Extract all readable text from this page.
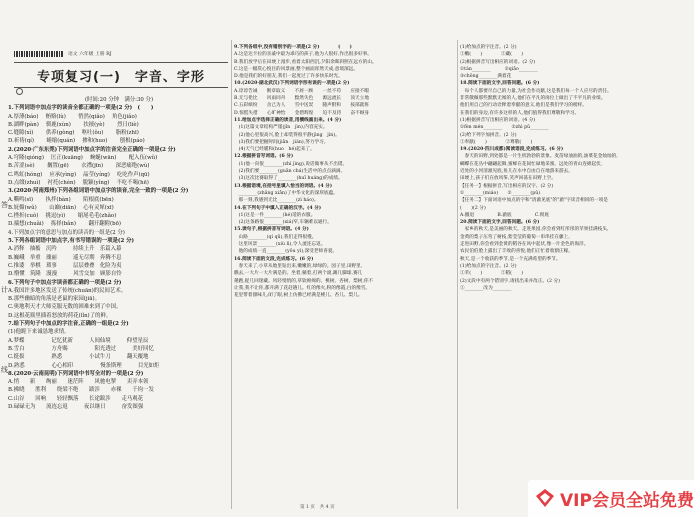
语文 六年级 上册 RJ
专项复习(一)　字音、字形
答
计
线
(时间:20 分钟　满分:30 分)
1.下列词语中加点字的读音全都正确的一项是(2 分)　(　　)
A.厚薄(báo)　 贿赂(lù)　　 悄然(qiǎo)　 角色(jiǎo)
B.湖畔(pàn)　 驯鹿(xùn)　　 扶掖(yè)　　 烈日(liè)
C.缝隙(xì)　　 供养(gòng)　 呕吐(ǒu)　　 脂粉(zhī)
D.祈祷(qí)　　 蜷缩(quán)　 掺和(huo)　　 刨根(páo)
2.(2020·广东东莞)下列词语中加点字的注音完全正确的一项是(2 分)
A.穹隆(qióng)　 匡正(kuāng)　 蜿蜒(wān)　　 配入伍(wǔ)
B.苦涩(sè)　　 搁置(gē)　　 衣襟(jīn)　　 深恶痛绝(wù)
C.鸣虹(hóng)　 应承(yìng)　 晶莹(yíng)　 吃吃作声(qū)
D.点缀(zhuì)　 衬托(chèn)　 脱颖(yǐng)　 不吃不喝(hē)
3.(2020·河南郑州)下列各组词语中加点字的读音,完全一致的一项是(2 分)
A.嘶鸣(sī)　　 执拌(bàn)　　 陌根底(bēn)
B.妩媚(wǔ)　　 山巅(diān)　 心有灵犀(xī)
C.挫折(cuò)　 挑逗(yì)　　 缩尾毛毛(zhǎo)
D.揣想(chuǎi)　 拣择(bǎn)　　 翻开翻附(bō)
4.下列加点字的意思与加点的读音的一组是(2 分)
5.下列各组词语中加点字,有书写错误的一项是(2 分)
A.消释　抽搐　沉吟　　　持续上升　乐篇入幕
B.巍峨　举重　瑰丽　　　遥无尽期　奔腾不息
C.推诿　举棋　琐事　　　层层叠叠　化险为夷
D.懵懂　筑隆　漫漫　　　风雪交加　顾影自怜
6.下列句子中加点字读音都正确的一项是(2 分)
A.我国许多地区发送了传统(chuān)的民间艺术。
B.那些幽暗的角落是老鼠的家园(jiā)。
C.奥地利天才大师克服无数的困难来到了中国。
D.这根花瓶里插着怒放的荷花(lǐn)了的鲜。
7.给下列句子中加点的字注音,正确的一组是(2 分)
(1)他跪下来诚恳地求情。
A.梦蝶　　　　　记忆犹新　　　人间仙境　　　仰望星辰
B.雪白　　　　　方舟赐　　　　　阳光透过　　　美好回忆
C.挺拔　　　　　熟悉　　　　　小试牛刀　　　翻天覆地
D.熟悉　　　　　心心相印　　　　　慢条斯理　　　目光如炬
8.(2020·云南昆明)下列词语中书写全对的一项是(2 分)
A.悄　　新　　绚丽　　迷茫阵　　风驰电掣　　卖弄本领
B.拂晓　　胜利　　绕梁不绝　　跋涉　　赤裸　　千钧一发
C.山谷　　回响　　轻轻飘落　　长途跋涉　　走马观花
D.碌碌无为　　流连忘返　　　夜以继日　　　奋发图强
9.下列各组中,没有错别字的一项是(2 分)　　　　(　　)
A.这是达卡拉的亲戚中最为乖巧的孩子,他为人很好,作出很多好事。
B.我们放学后在田埂上漫步,看着太阳西沉,夕阳余晖斜照在远方的山。
C.这是一幅赏心悦目的风景画,整个画面浑然天成,意境深远。
D.他是我们的好朋友,我们一起度过了许多快乐时光。
10.(2020·湖北武汉)下列词语字形有误的一项是(2 分)
A.谆谆告诫　　断章取义　　不屑一顾　　一丝不苟　　应接不暇
B.无与伦比　　风雨同舟　　黯然失色　　源远流长　　顶天立地
C.五彩缤纷　　舍己为人　　雪中送炭　　随声附和　　按部就班
D.惊慌失措　　心旷神怡　　金碧辉煌　　迫不及待　　奋不顾身
11.给加点字选择正确的读音,用横线画出来。(4 分)
　(1)这篇文章结构严谨(jǐn　jìn),内容充实。
　(2)他心里很高兴,脸上却装得很平静(jìng　jìn)。
　(3)我们要把握时间(jiān　jiàn),努力学习。
　(4)天气已经暖和(huo　hé)起来了。
12.根据拼音写词语。(6 分)
　(1)他一向很________(zhì jìng),说话做事从不出错。
　(2)我们要________(guān chá)生活中的点点滴滴。
　(3)这次比赛取得了________(huī huáng)的成绩。
13.根据语境,在括号里填入恰当的词语。(4 分)
　________(zhāng xiǎn)了中华文化的深厚底蕴。
　那一刻,我感到无比________(zì háo)。
14.在下列句子中填入正确的汉字。(4 分)
　(1)这是一件________(hé)适的衣服。
　(2)这条路很________(xiá)窄,车辆难以通行。
15.读句子,根据拼音写词语。(4 分)
　山路________(qí qū),我们走得很慢。
　这里风景________(xiù lì),令人流连忘返。
　他的成绩一直________(yōu yì),深受老师喜爱。
16.阅读下面的文段,完成练习。(6 分)
　春天来了,小草从地里钻出来,嫩嫩的,绿绿的。园子里,田野里,
瞧去,一大片一大片满是的。坐着,躺着,打两个滚,踢几脚球,赛几
趟跑,捉几回迷藏。风轻悄悄的,草软绵绵的。桃树、杏树、梨树,你不
让我,我不让你,都开满了花赶趟儿。红的像火,粉的像霞,白的像雪。
花里带着甜味儿;闭了眼,树上仿佛已经满是桃儿、杏儿、梨儿。
(1)给加点的字注音。(2 分)
①嫩(　　)　　　　②藏(　　)
(2)根据拼音写出相应的词语。(2 分)
①tàn________　　　②qiǎo________
③chǒng________满着花
18.阅读下面的文字,回答问题。(6 分)
　每个人都要尽自己的力量,为社会作贡献,这是我们每一个人应尽的责任。
非常敬佩那些默默无闻的人,他们在平凡的岗位上做出了不平凡的业绩。
他们用自己的行动诠释着奉献的意义,他们是我们学习的榜样。
在我们的身边,有许多这样的人,他们值得我们尊敬和学习。
(1)根据拼音写出相应的词语。(4 分)
①fèn mén________　　②zhì pǔ________
(2)给下列字加拼音。(2 分)
①奉献(　　)　　　　②尊敬(　　)
19.(2020·四川成都)阅读语段,完成练习。(6 分)
　春天的田野,到处都是一片生机勃勃的景象。麦苗绿油油的,油菜花金灿灿的,
蝴蝶在花丛中翩翩起舞,蜜蜂在花间忙碌地采蜜。远处的青山连绵起伏,
近处的小河清澈见底,鱼儿在水中自由自在地游来游去。
田埂上,孩子们在放风筝,笑声回荡在田野上空。
【任务一】根据拼音,写出相应的汉字。(2 分)
①________(miáo)　　②________(pǔ)
【任务二】下面词语中加点的字和"清澈见底"的"澈"字读音相同的一项是
(　　)(2 分)
A.撤退　　　　　B.澈底　　　　　C.彻底
20.阅读下面的文字,回答问题。(6 分)
　家乡的秋天,是美丽的秋天。走进果园,你会看到红彤彤的苹果挂满枝头,
金黄的梨子压弯了树枝,紫莹莹的葡萄一串串挂在藤上,
走进田野,你会看到金黄的稻谷在风中起伏,像一片金色的海洋。
农民伯伯脸上露出了丰收的喜悦,他们正忙着收割庄稼。
秋天,是一个收获的季节,是一个充满希望的季节。
(1)给加点的字注音。(2 分)
①苹(　　)　　　　②稻(　　)
(2)文段中有两个错别字,请找出来并改正。(2 分)
①________改为________
第 1 页　共 4 页	VIP会员全站免费
